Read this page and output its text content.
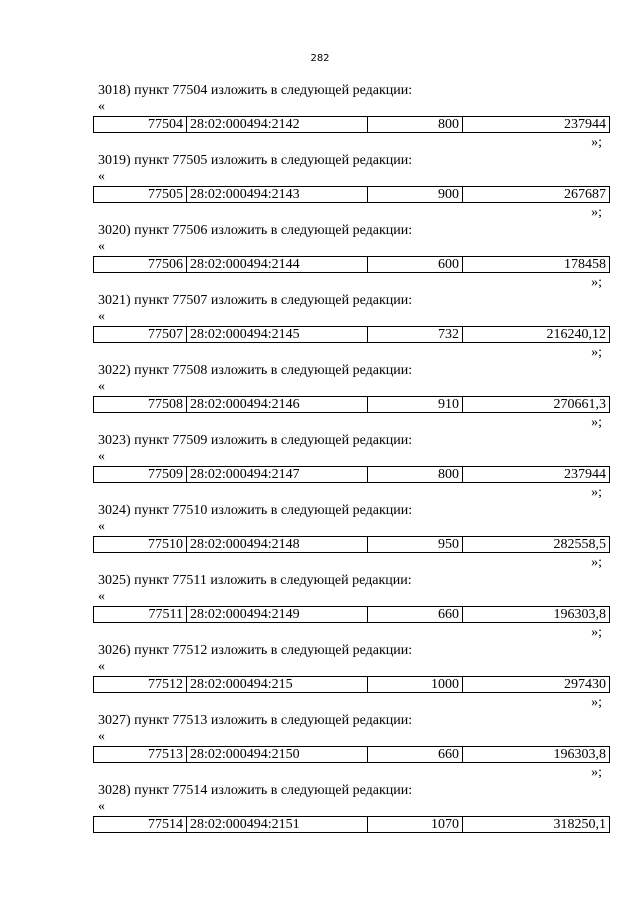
282
3018) пункт 77504 изложить в следующей редакции:
«
77504	28:02:000494:2142	800	237944
»;
3019) пункт 77505 изложить в следующей редакции:
«
77505	28:02:000494:2143	900	267687
»;
3020) пункт 77506 изложить в следующей редакции:
«
77506	28:02:000494:2144	600	178458
»;
3021) пункт 77507 изложить в следующей редакции:
«
77507	28:02:000494:2145	732	216240,12
»;
3022) пункт 77508 изложить в следующей редакции:
«
77508	28:02:000494:2146	910	270661,3
»;
3023) пункт 77509 изложить в следующей редакции:
«
77509	28:02:000494:2147	800	237944
»;
3024) пункт 77510 изложить в следующей редакции:
«
77510	28:02:000494:2148	950	282558,5
»;
3025) пункт 77511 изложить в следующей редакции:
«
77511	28:02:000494:2149	660	196303,8
»;
3026) пункт 77512 изложить в следующей редакции:
«
77512	28:02:000494:215	1000	297430
»;
3027) пункт 77513 изложить в следующей редакции:
«
77513	28:02:000494:2150	660	196303,8
»;
3028) пункт 77514 изложить в следующей редакции:
«
77514	28:02:000494:2151	1070	318250,1
